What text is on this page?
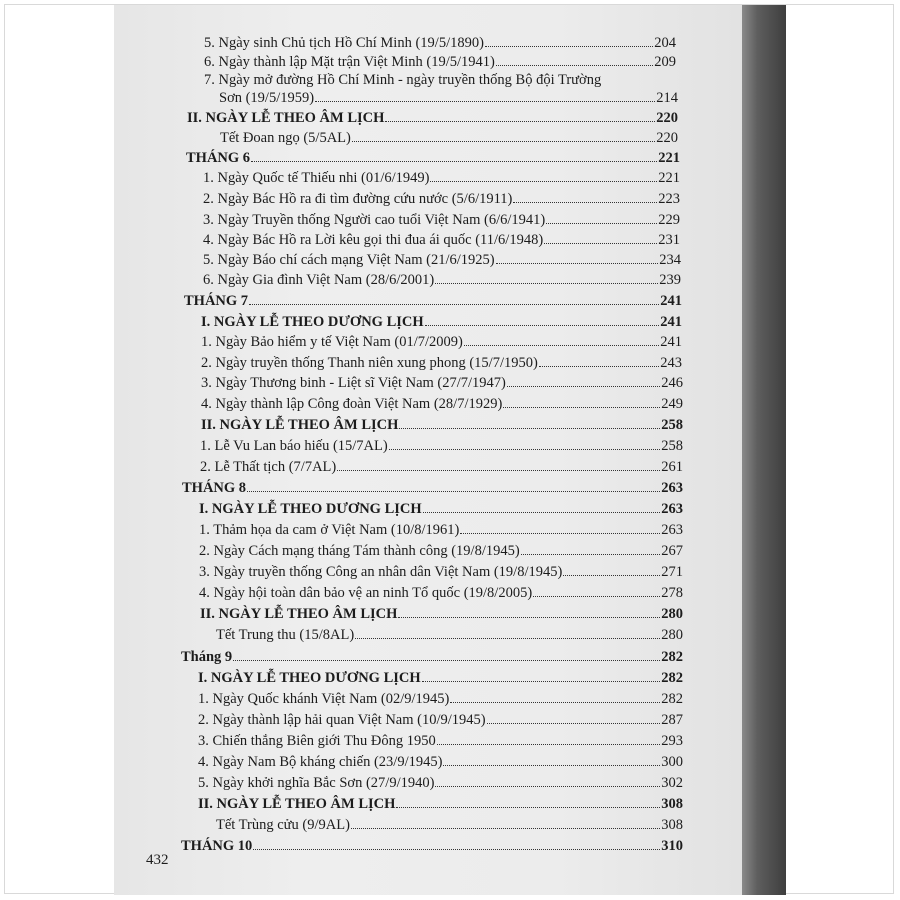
5. Ngày sinh Chủ tịch Hồ Chí Minh (19/5/1890)	204
6. Ngày thành lập Mặt trận Việt Minh (19/5/1941)	209
7. Ngày mở đường Hồ Chí Minh - ngày truyền thống Bộ đội Trường
Sơn (19/5/1959)	214
II. NGÀY LỄ THEO ÂM LỊCH	220
Tết Đoan ngọ (5/5AL)	220
THÁNG 6	221
1. Ngày Quốc tế Thiếu nhi (01/6/1949)	221
2. Ngày Bác Hồ ra đi tìm đường cứu nước (5/6/1911)	223
3. Ngày Truyền thống Người cao tuổi Việt Nam (6/6/1941)	229
4. Ngày Bác Hồ ra Lời kêu gọi thi đua ái quốc (11/6/1948)	231
5. Ngày Báo chí cách mạng Việt Nam (21/6/1925)	234
6. Ngày Gia đình Việt Nam (28/6/2001)	239
THÁNG 7	241
I. NGÀY LỄ THEO DƯƠNG LỊCH	241
1. Ngày Bảo hiểm y tế Việt Nam (01/7/2009)	241
2. Ngày truyền thống Thanh niên xung phong (15/7/1950)	243
3. Ngày Thương binh - Liệt sĩ Việt Nam (27/7/1947)	246
4. Ngày thành lập Công đoàn Việt Nam (28/7/1929)	249
II. NGÀY LỄ THEO ÂM LỊCH	258
1. Lễ Vu Lan báo hiếu (15/7AL)	258
2. Lễ Thất tịch (7/7AL)	261
THÁNG 8	263
I. NGÀY LỄ THEO DƯƠNG LỊCH	263
1. Thảm họa da cam ở Việt Nam (10/8/1961)	263
2. Ngày Cách mạng tháng Tám thành công (19/8/1945)	267
3. Ngày truyền thống Công an nhân dân Việt Nam (19/8/1945)	271
4. Ngày hội toàn dân bảo vệ an ninh Tổ quốc (19/8/2005)	278
II. NGÀY LỄ THEO ÂM LỊCH	280
Tết Trung thu (15/8AL)	280
Tháng 9	282
I. NGÀY LỄ THEO DƯƠNG LỊCH	282
1. Ngày Quốc khánh Việt Nam (02/9/1945)	282
2. Ngày thành lập hải quan Việt Nam (10/9/1945)	287
3. Chiến thắng Biên giới Thu Đông 1950	293
4. Ngày Nam Bộ kháng chiến (23/9/1945)	300
5. Ngày khởi nghĩa Bắc Sơn (27/9/1940)	302
II. NGÀY LỄ THEO ÂM LỊCH	308
Tết Trùng cửu (9/9AL)	308
THÁNG 10	310
432
